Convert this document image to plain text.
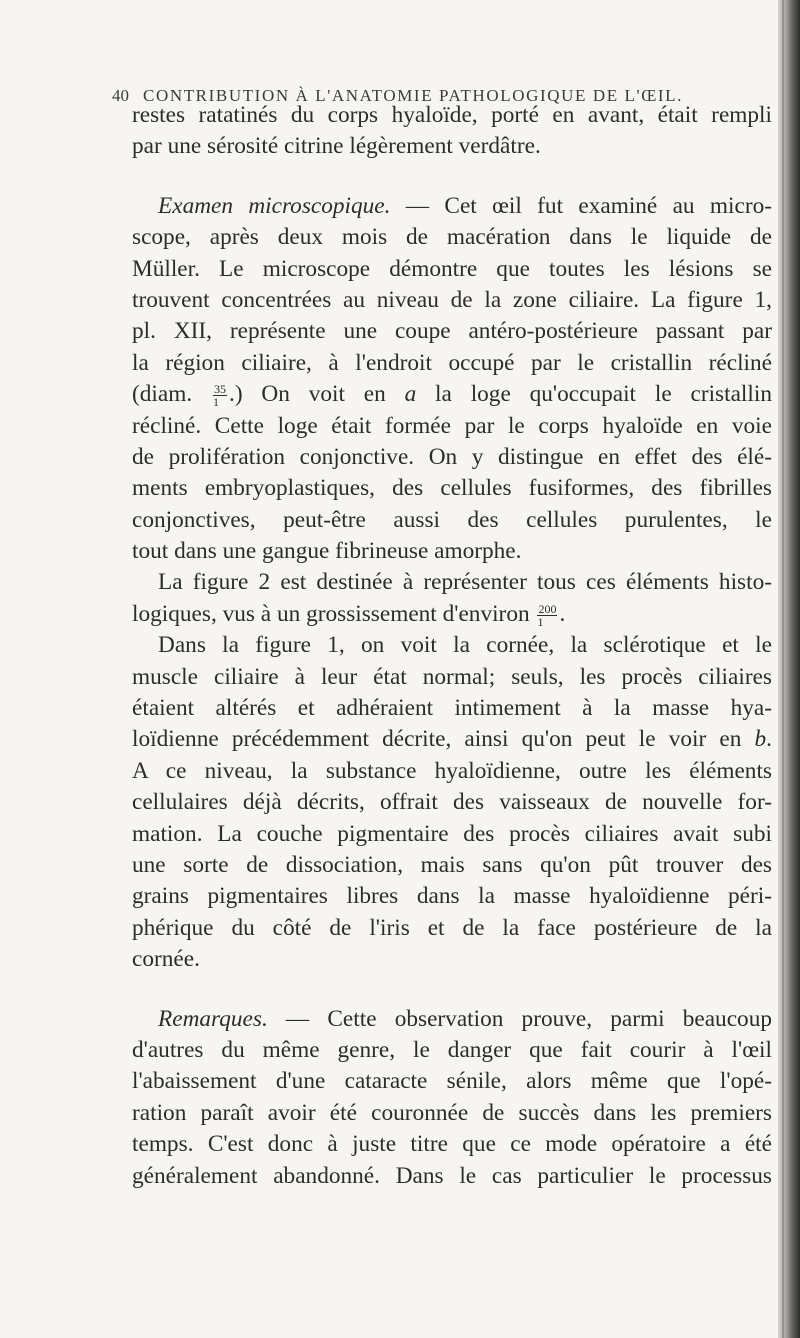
40 CONTRIBUTION À L'ANATOMIE PATHOLOGIQUE DE L'ŒIL.
restes ratatinés du corps hyaloïde, porté en avant, était rempli
par une sérosité citrine légèrement verdâtre.
Examen microscopique. — Cet œil fut examiné au micro-
scope, après deux mois de macération dans le liquide de
Müller. Le microscope démontre que toutes les lésions se
trouvent concentrées au niveau de la zone ciliaire. La figure 1,
pl. XII, représente une coupe antéro-postérieure passant par
la région ciliaire, à l'endroit occupé par le cristallin récliné
(diam. $\frac{35}{1}$ .) On voit en a la loge qu'occupait le cristallin
récliné. Cette loge était formée par le corps hyaloïde en voie
de prolifération conjonctive. On y distingue en effet des élé-
ments embryoplastiques, des cellules fusiformes, des fibrilles
conjonctives, peut-être aussi des cellules purulentes, le
tout dans une gangue fibrineuse amorphe.
La figure 2 est destinée à représenter tous ces éléments histo-
logiques, vus à un grossissement d'environ $\frac{200}{1}$ .
Dans la figure 1, on voit la cornée, la sclérotique et le
muscle ciliaire à leur état normal; seuls, les procès ciliaires
étaient altérés et adhéraient intimement à la masse hya-
loïdienne précédemment décrite, ainsi qu'on peut le voir en b.
A ce niveau, la substance hyaloïdienne, outre les éléments
cellulaires déjà décrits, offrait des vaisseaux de nouvelle for-
mation. La couche pigmentaire des procès ciliaires avait subi
une sorte de dissociation, mais sans qu'on pût trouver des
grains pigmentaires libres dans la masse hyaloïdienne péri-
phérique du côté de l'iris et de la face postérieure de la
cornée.
Remarques. — Cette observation prouve, parmi beaucoup
d'autres du même genre, le danger que fait courir à l'œil
l'abaissement d'une cataracte sénile, alors même que l'opé-
ration paraît avoir été couronnée de succès dans les premiers
temps. C'est donc à juste titre que ce mode opératoire a été
généralement abandonné. Dans le cas particulier le processus
